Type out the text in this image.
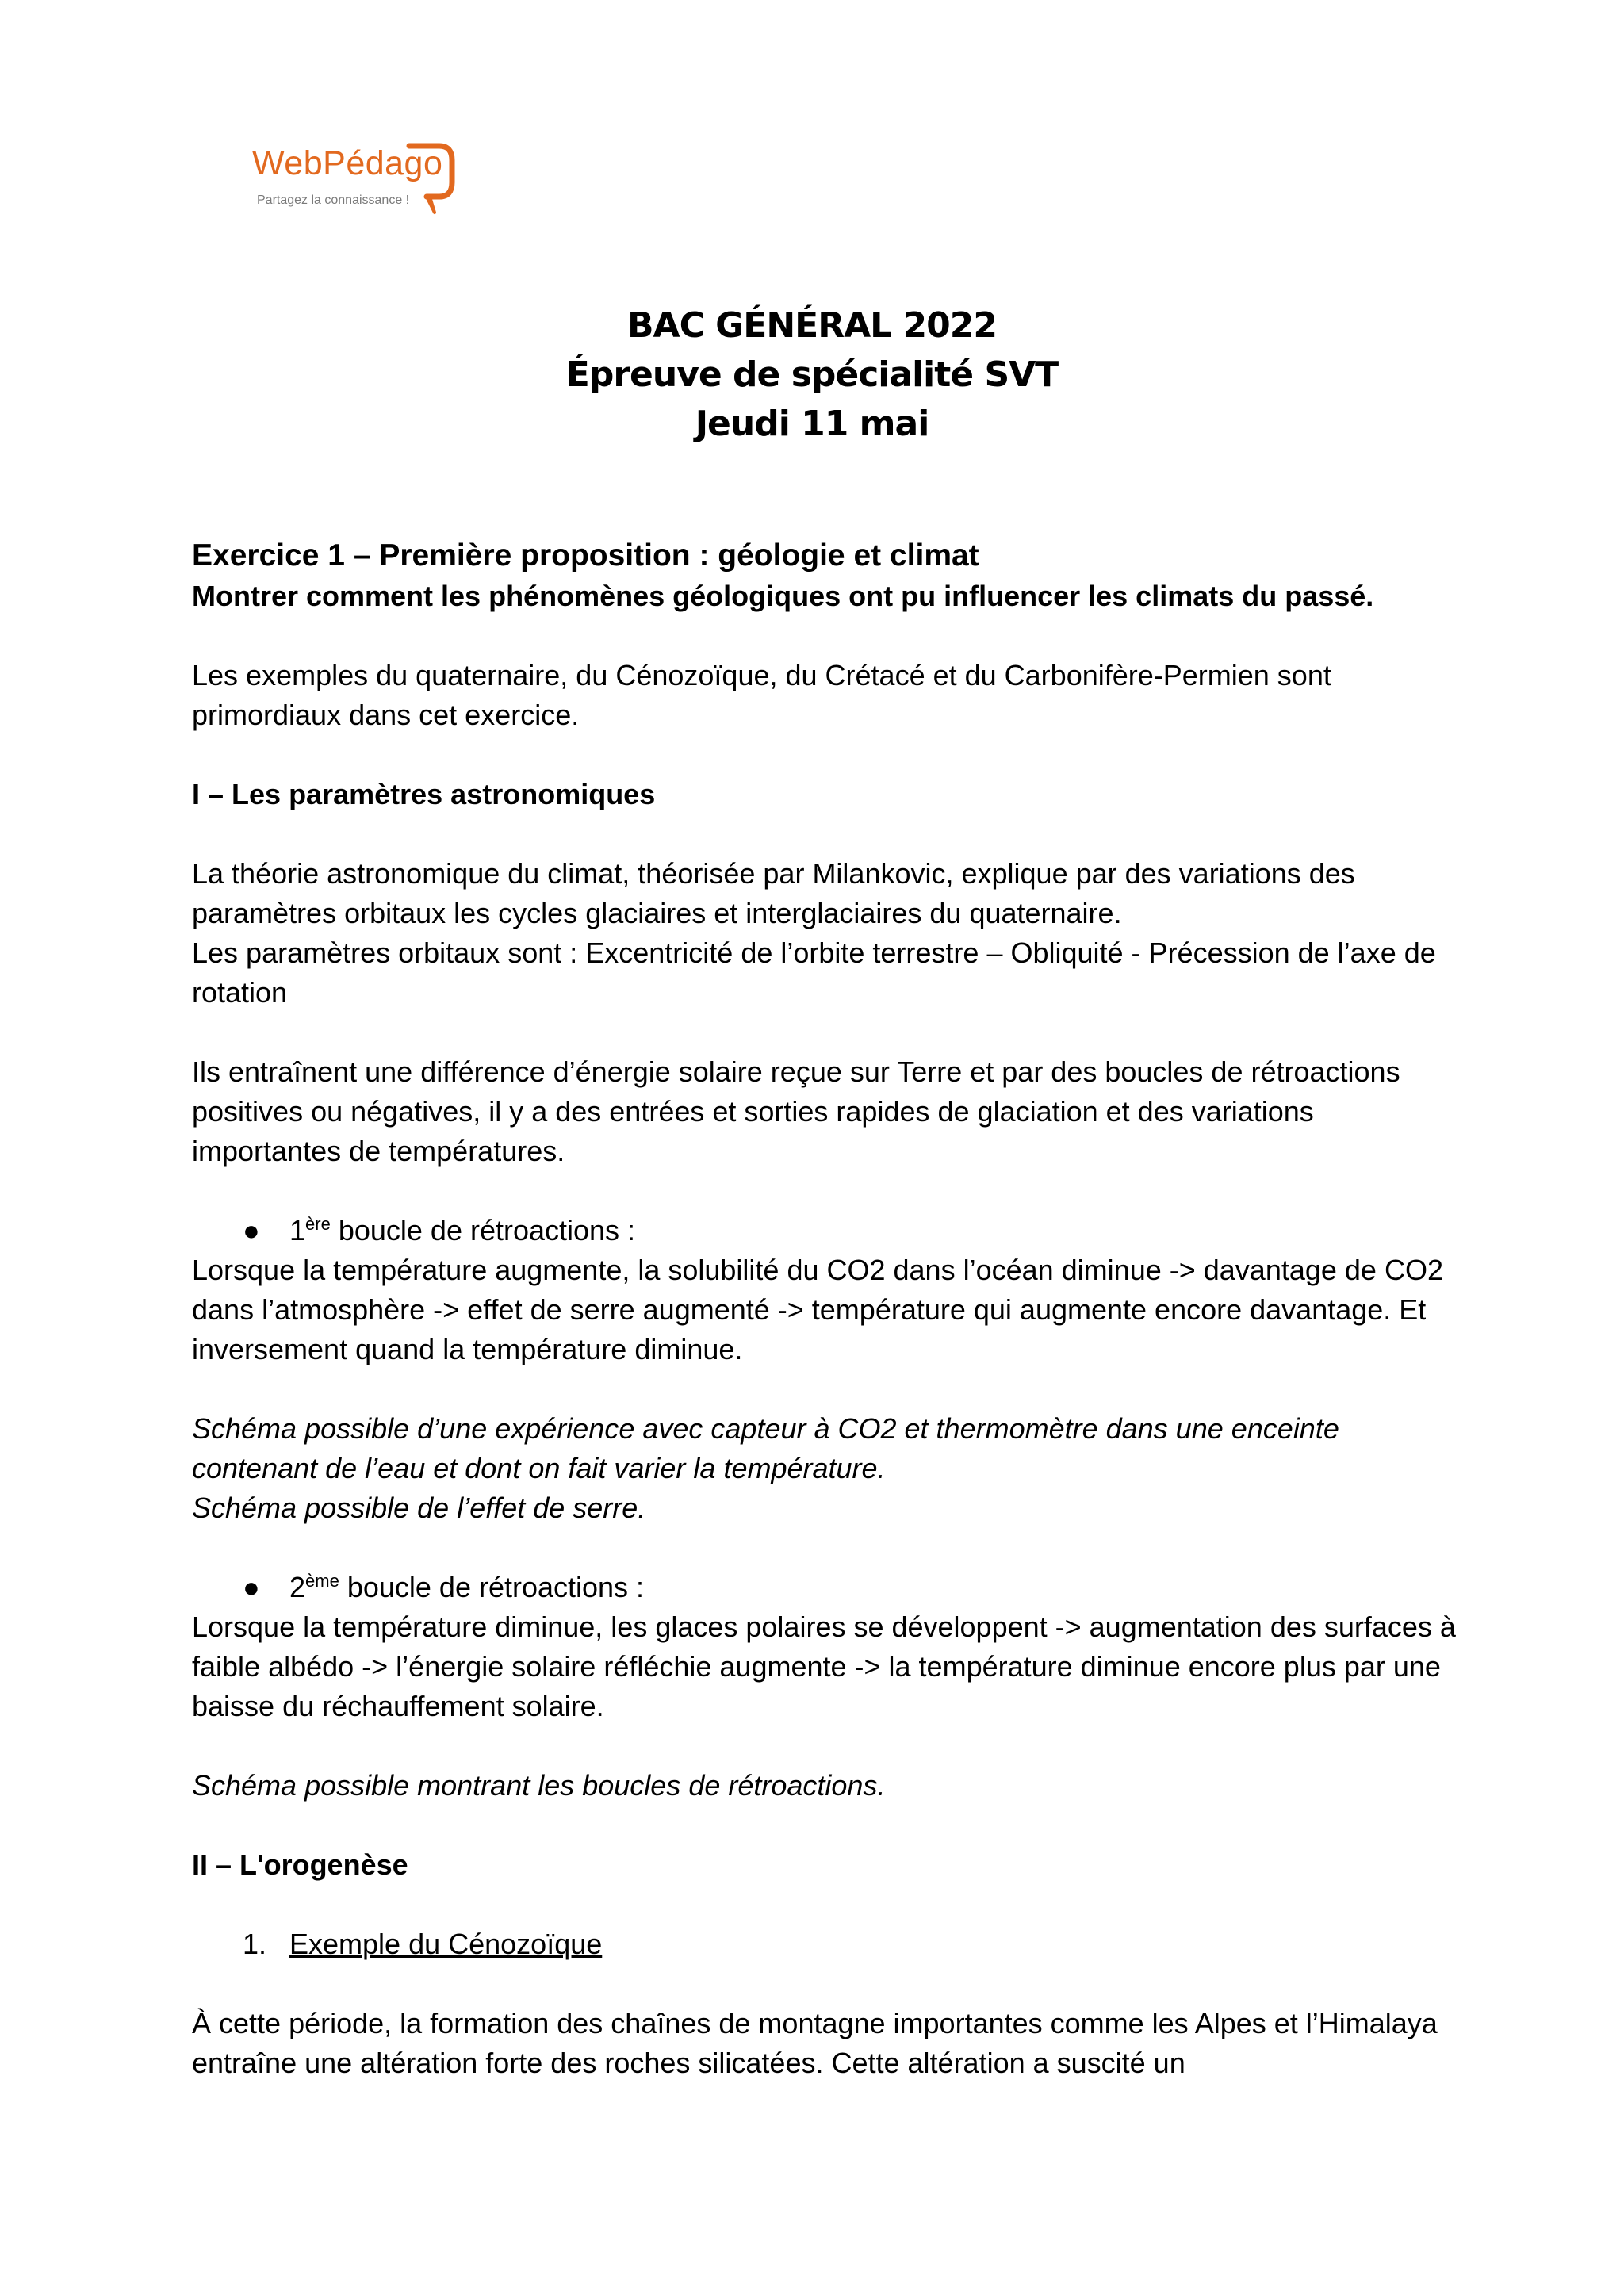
WebPédago
Partagez la connaissance !
BAC GÉNÉRAL 2022
Épreuve de spécialité SVT
Jeudi 11 mai

Exercice 1 – Première proposition : géologie et climat

Montrer comment les phénomènes géologiques ont pu influencer les climats du passé.

Les exemples du quaternaire, du Cénozoïque, du Crétacé et du Carbonifère-Permien sont primordiaux dans cet exercice.

I – Les paramètres astronomiques

La théorie astronomique du climat, théorisée par Milankovic, explique par des variations des paramètres orbitaux les cycles glaciaires et interglaciaires du quaternaire.

Les paramètres orbitaux sont : Excentricité de l’orbite terrestre – Obliquité - Précession de l’axe de rotation

Ils entraînent une différence d’énergie solaire reçue sur Terre et par des boucles de rétroactions positives ou négatives, il y a des entrées et sorties rapides de glaciation et des variations importantes de températures.

● 1ère boucle de rétroactions :

Lorsque la température augmente, la solubilité du CO2 dans l’océan diminue -> davantage de CO2 dans l’atmosphère -> effet de serre augmenté -> température qui augmente encore davantage. Et inversement quand la température diminue.

Schéma possible d’une expérience avec capteur à CO2 et thermomètre dans une enceinte contenant de l’eau et dont on fait varier la température.

Schéma possible de l’effet de serre.

● 2ème boucle de rétroactions :

Lorsque la température diminue, les glaces polaires se développent -> augmentation des surfaces à faible albédo -> l’énergie solaire réfléchie augmente -> la température diminue encore plus par une baisse du réchauffement solaire.

Schéma possible montrant les boucles de rétroactions.

II – L'orogenèse

1. Exemple du Cénozoïque

À cette période, la formation des chaînes de montagne importantes comme les Alpes et l’Himalaya entraîne une altération forte des roches silicatées. Cette altération a suscité un
